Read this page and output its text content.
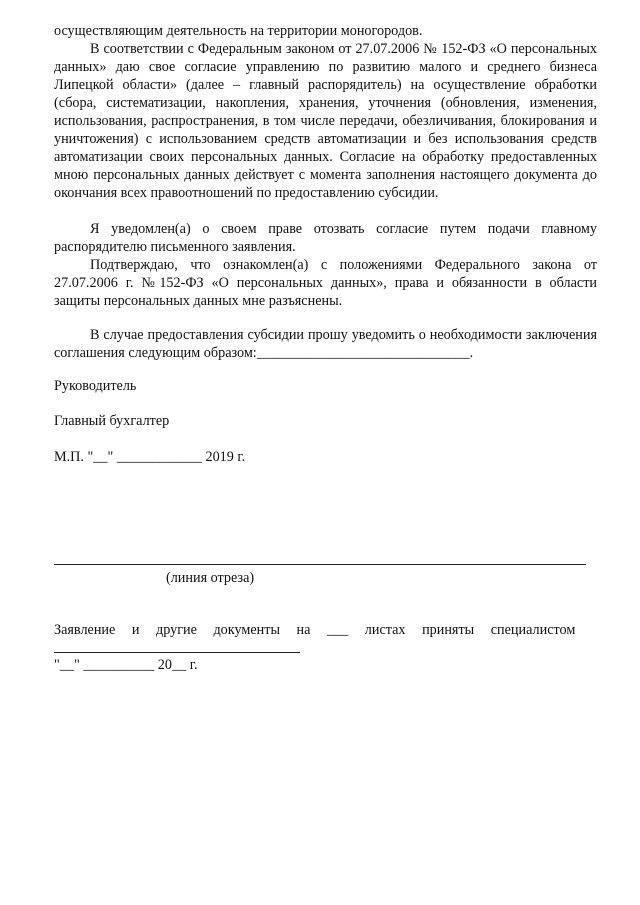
осуществляющим деятельность на территории моногородов.

В соответствии с Федеральным законом от 27.07.2006 № 152-ФЗ «О персональных данных» даю свое согласие управлению по развитию малого и среднего бизнеса Липецкой области» (далее – главный распорядитель) на осуществление обработки (сбора, систематизации, накопления, хранения, уточнения (обновления, изменения, использования, распространения, в том числе передачи, обезличивания, блокирования и уничтожения) с использованием средств автоматизации и без использования средств автоматизации своих персональных данных. Согласие на обработку предоставленных мною персональных данных действует с момента заполнения настоящего документа до окончания всех правоотношений по предоставлению субсидии.

Я уведомлен(а) о своем праве отозвать согласие путем подачи главному распорядителю письменного заявления.

Подтверждаю, что ознакомлен(а) с положениями Федерального закона от 27.07.2006 г. №152-ФЗ «О персональных данных», права и обязанности в области защиты персональных данных мне разъяснены.

В случае предоставления субсидии прошу уведомить о необходимости заключения соглашения следующим образом:______________________________.

Руководитель

Главный бухгалтер

М.П. "__" ____________ 2019 г.

(линия отреза)

Заявление и другие документы на ___ листах приняты специалистом

"__" __________ 20__ г.
